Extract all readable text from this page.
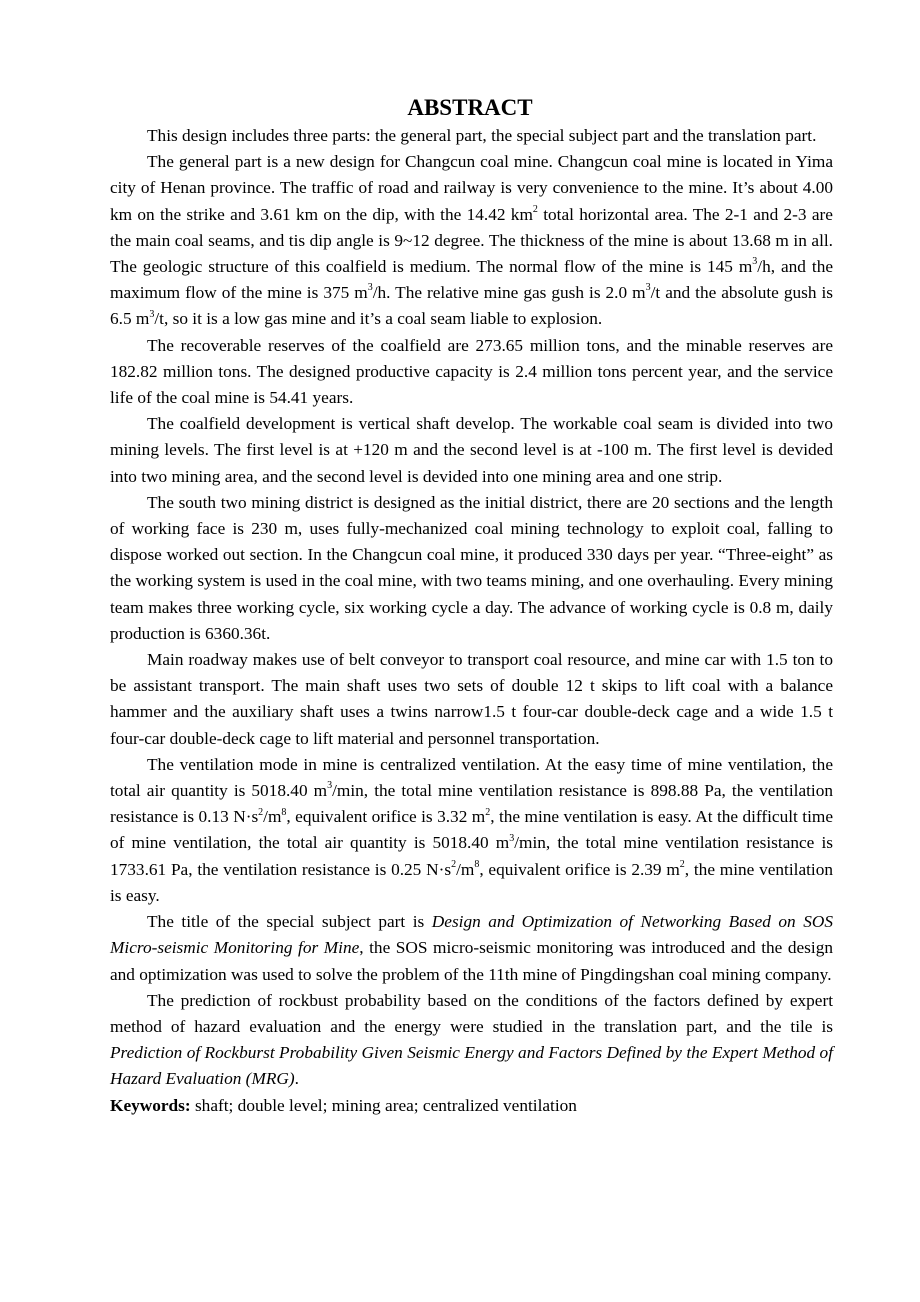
ABSTRACT

This design includes three parts: the general part, the special subject part and the translation part.

The general part is a new design for Changcun coal mine. Changcun coal mine is located in Yima city of Henan province. The traffic of road and railway is very convenience to the mine. It’s about 4.00 km on the strike and 3.61 km on the dip, with the 14.42 $km^2$ total horizontal area. The 2-1 and 2-3 are the main coal seams, and tis dip angle is 9~12 degree. The thickness of the mine is about 13.68 m in all. The geologic structure of this coalfield is medium. The normal flow of the mine is 145 $m^3/h$, and the maximum flow of the mine is 375 $m^3/h$. The relative mine gas gush is 2.0 $m^3/t$ and the absolute gush is 6.5 $m^3/t$, so it is a low gas mine and it’s a coal seam liable to explosion.

The recoverable reserves of the coalfield are 273.65 million tons, and the minable reserves are 182.82 million tons. The designed productive capacity is 2.4 million tons percent year, and the service life of the coal mine is 54.41 years.

The coalfield development is vertical shaft develop. The workable coal seam is divided into two mining levels. The first level is at +120 m and the second level is at -100 m. The first level is devided into two mining area, and the second level is devided into one mining area and one strip.

The south two mining district is designed as the initial district, there are 20 sections and the length of working face is 230 m, uses fully-mechanized coal mining technology to exploit coal, falling to dispose worked out section. In the Changcun coal mine, it produced 330 days per year. “Three-eight” as the working system is used in the coal mine, with two teams mining, and one overhauling. Every mining team makes three working cycle, six working cycle a day. The advance of working cycle is 0.8 m, daily production is 6360.36t.

Main roadway makes use of belt conveyor to transport coal resource, and mine car with 1.5 ton to be assistant transport. The main shaft uses two sets of double 12 t skips to lift coal with a balance hammer and the auxiliary shaft uses a twins narrow1.5 t four-car double-deck cage and a wide 1.5 t four-car double-deck cage to lift material and personnel transportation.

The ventilation mode in mine is centralized ventilation. At the easy time of mine ventilation, the total air quantity is 5018.40 $m^3/\min$, the total mine ventilation resistance is 898.88 Pa, the ventilation resistance is 0.13 $N\cdot s^2/m^8$, equivalent orifice is 3.32 $m^2$, the mine ventilation is easy. At the difficult time of mine ventilation, the total air quantity is 5018.40 $m^3/\min$, the total mine ventilation resistance is 1733.61 Pa, the ventilation resistance is 0.25 $N\cdot s^2/m^8$, equivalent orifice is 2.39 $m^2$, the mine ventilation is easy.

The title of the special subject part is Design and Optimization of Networking Based on SOS Micro-seismic Monitoring for Mine, the SOS micro-seismic monitoring was introduced and the design and optimization was used to solve the problem of the 11th mine of Pingdingshan coal mining company.

The prediction of rockbust probability based on the conditions of the factors defined by expert method of hazard evaluation and the energy were studied in the translation part, and the tile is Prediction of Rockburst Probability Given Seismic Energy and Factors Defined by the Expert Method of Hazard Evaluation (MRG).

Keywords: shaft; double level; mining area; centralized ventilation
